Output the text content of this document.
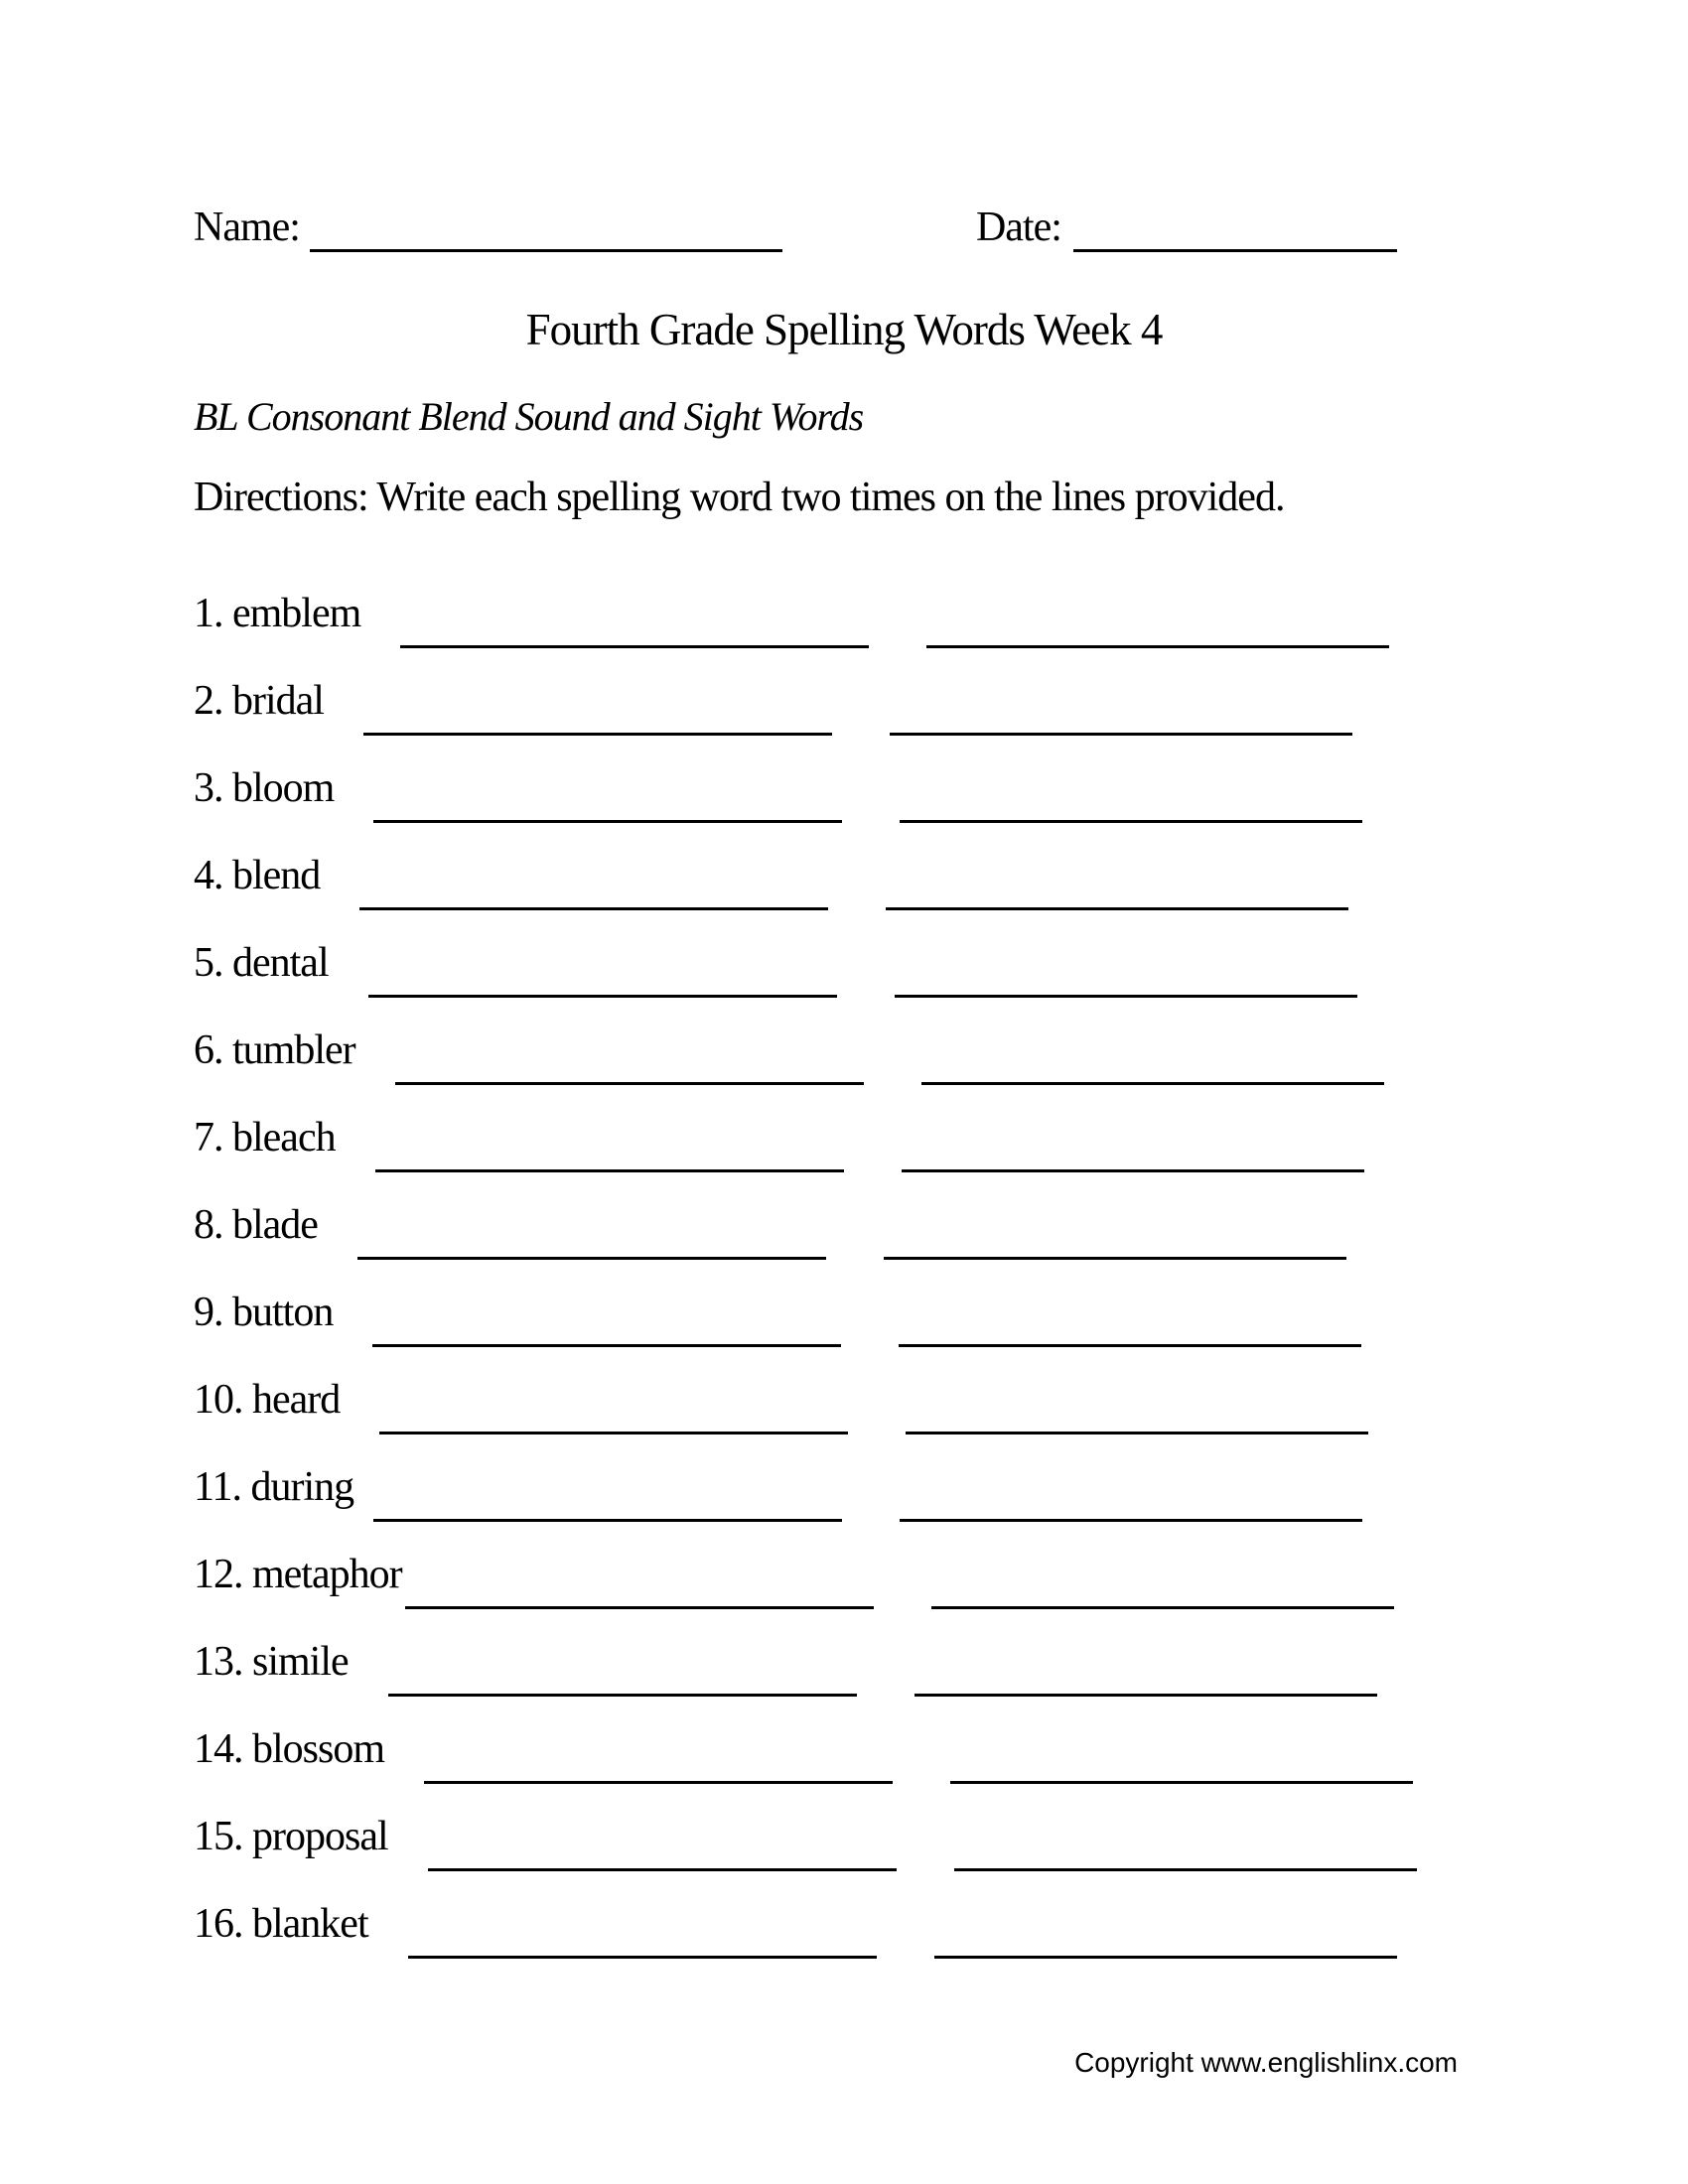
Name:	Date:
Fourth Grade Spelling Words Week 4
BL Consonant Blend Sound and Sight Words
Directions: Write each spelling word two times on the lines provided.
1. emblem
2. bridal
3. bloom
4. blend
5. dental
6. tumbler
7. bleach
8. blade
9. button
10. heard
11. during
12. metaphor
13. simile
14. blossom
15. proposal
16. blanket
Copyright www.englishlinx.com
